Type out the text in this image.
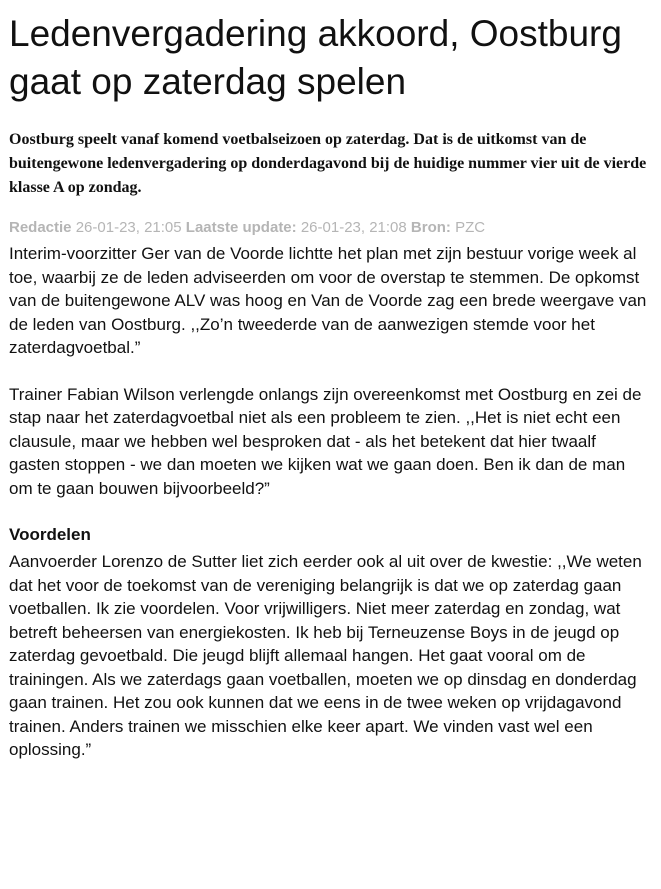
Ledenvergadering akkoord, Oostburg gaat op zaterdag spelen

Oostburg speelt vanaf komend voetbalseizoen op zaterdag. Dat is de uitkomst van de buitengewone ledenvergadering op donderdagavond bij de huidige nummer vier uit de vierde klasse A op zondag.

Redactie 26-01-23, 21:05 Laatste update: 26-01-23, 21:08 Bron: PZC

Interim-voorzitter Ger van de Voorde lichtte het plan met zijn bestuur vorige week al toe, waarbij ze de leden adviseerden om voor de overstap te stemmen. De opkomst van de buitengewone ALV was hoog en Van de Voorde zag een brede weergave van de leden van Oostburg. ,,Zo’n tweederde van de aanwezigen stemde voor het zaterdagvoetbal.”

Trainer Fabian Wilson verlengde onlangs zijn overeenkomst met Oostburg en zei de stap naar het zaterdagvoetbal niet als een probleem te zien. ,,Het is niet echt een clausule, maar we hebben wel besproken dat - als het betekent dat hier twaalf gasten stoppen - we dan moeten we kijken wat we gaan doen. Ben ik dan de man om te gaan bouwen bijvoorbeeld?”

Voordelen

Aanvoerder Lorenzo de Sutter liet zich eerder ook al uit over de kwestie: ,,We weten dat het voor de toekomst van de vereniging belangrijk is dat we op zaterdag gaan voetballen. Ik zie voordelen. Voor vrijwilligers. Niet meer zaterdag en zondag, wat betreft beheersen van energiekosten. Ik heb bij Terneuzense Boys in de jeugd op zaterdag gevoetbald. Die jeugd blijft allemaal hangen. Het gaat vooral om de trainingen. Als we zaterdags gaan voetballen, moeten we op dinsdag en donderdag gaan trainen. Het zou ook kunnen dat we eens in de twee weken op vrijdagavond trainen. Anders trainen we misschien elke keer apart. We vinden vast wel een oplossing.”
